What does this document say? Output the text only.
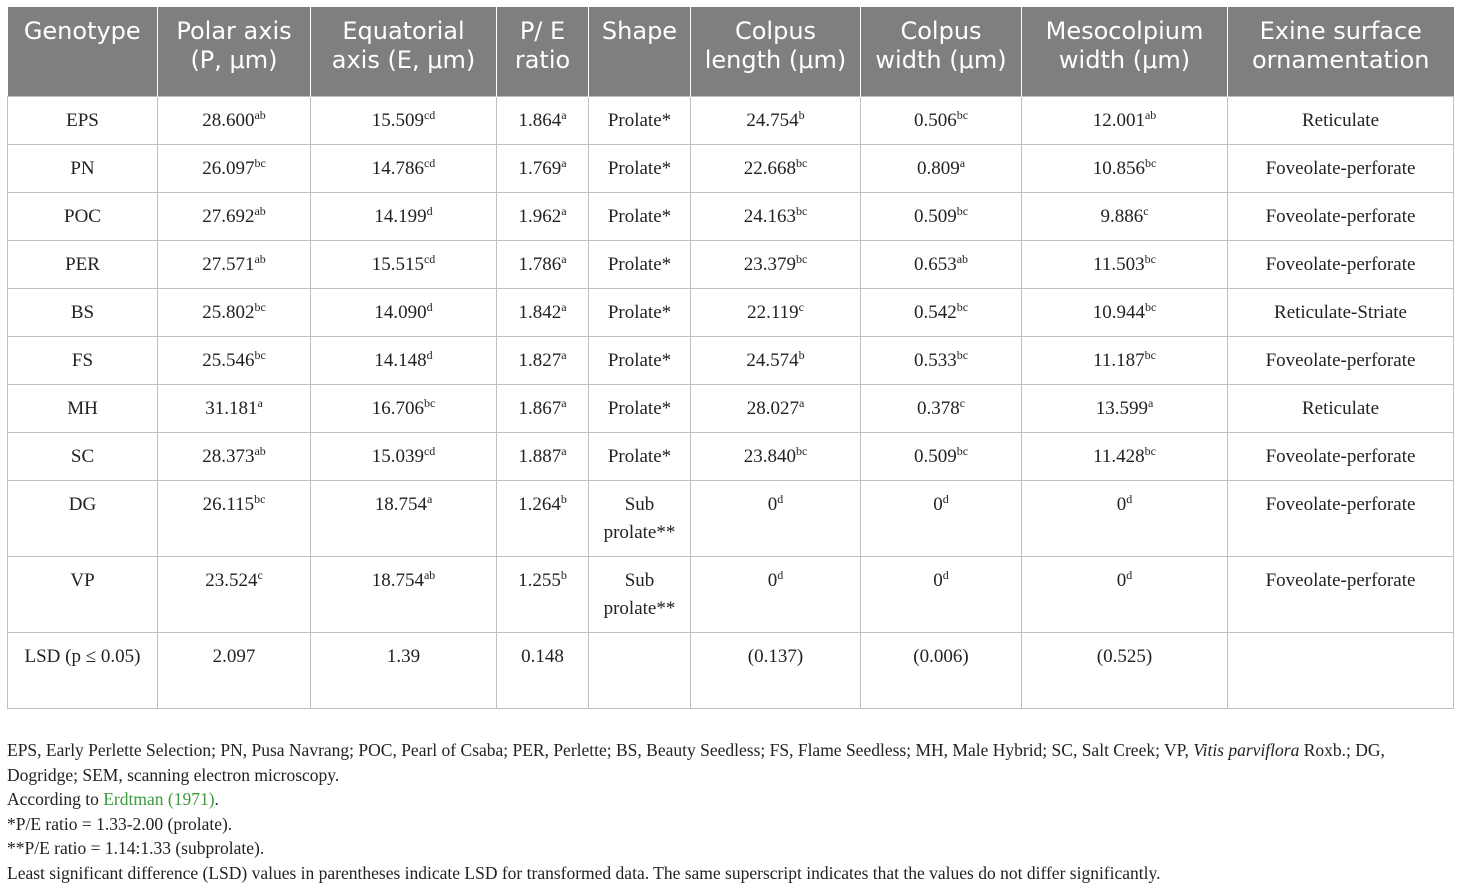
Genotype	Polar axis (P, μm)	Equatorial axis (E, μm)	P/ E ratio	Shape	Colpus length (μm)	Colpus width (μm)	Mesocolpium width (μm)	Exine surface ornamentation
EPS	28.600$^{ab}$	15.509$^{cd}$	1.864$^a$	Prolate*	24.754$^b$	0.506$^{bc}$	12.001$^{ab}$	Reticulate
PN	26.097$^{bc}$	14.786$^{cd}$	1.769$^a$	Prolate*	22.668$^{bc}$	0.809$^a$	10.856$^{bc}$	Foveolate-perforate
POC	27.692$^{ab}$	14.199$^d$	1.962$^a$	Prolate*	24.163$^{bc}$	0.509$^{bc}$	9.886$^c$	Foveolate-perforate
PER	27.571$^{ab}$	15.515$^{cd}$	1.786$^a$	Prolate*	23.379$^{bc}$	0.653$^{ab}$	11.503$^{bc}$	Foveolate-perforate
BS	25.802$^{bc}$	14.090$^d$	1.842$^a$	Prolate*	22.119$^c$	0.542$^{bc}$	10.944$^{bc}$	Reticulate-Striate
FS	25.546$^{bc}$	14.148$^d$	1.827$^a$	Prolate*	24.574$^b$	0.533$^{bc}$	11.187$^{bc}$	Foveolate-perforate
MH	31.181$^a$	16.706$^{bc}$	1.867$^a$	Prolate*	28.027$^a$	0.378$^c$	13.599$^a$	Reticulate
SC	28.373$^{ab}$	15.039$^{cd}$	1.887$^a$	Prolate*	23.840$^{bc}$	0.509$^{bc}$	11.428$^{bc}$	Foveolate-perforate
DG	26.115$^{bc}$	18.754$^a$	1.264$^b$	Sub prolate**	0$^d$	0$^d$	0$^d$	Foveolate-perforate
VP	23.524$^c$	18.754$^{ab}$	1.255$^b$	Sub prolate**	0$^d$	0$^d$	0$^d$	Foveolate-perforate
LSD (p ≤ 0.05)	2.097	1.39	0.148		(0.137)	(0.006)	(0.525)	

EPS, Early Perlette Selection; PN, Pusa Navrang; POC, Pearl of Csaba; PER, Perlette; BS, Beauty Seedless; FS, Flame Seedless; MH, Male Hybrid; SC, Salt Creek; VP, Vitis parviflora Roxb.; DG, Dogridge; SEM, scanning electron microscopy.

According to Erdtman (1971).

*P/E ratio = 1.33-2.00 (prolate).

**P/E ratio = 1.14:1.33 (subprolate).

Least significant difference (LSD) values in parentheses indicate LSD for transformed data. The same superscript indicates that the values do not differ significantly.
